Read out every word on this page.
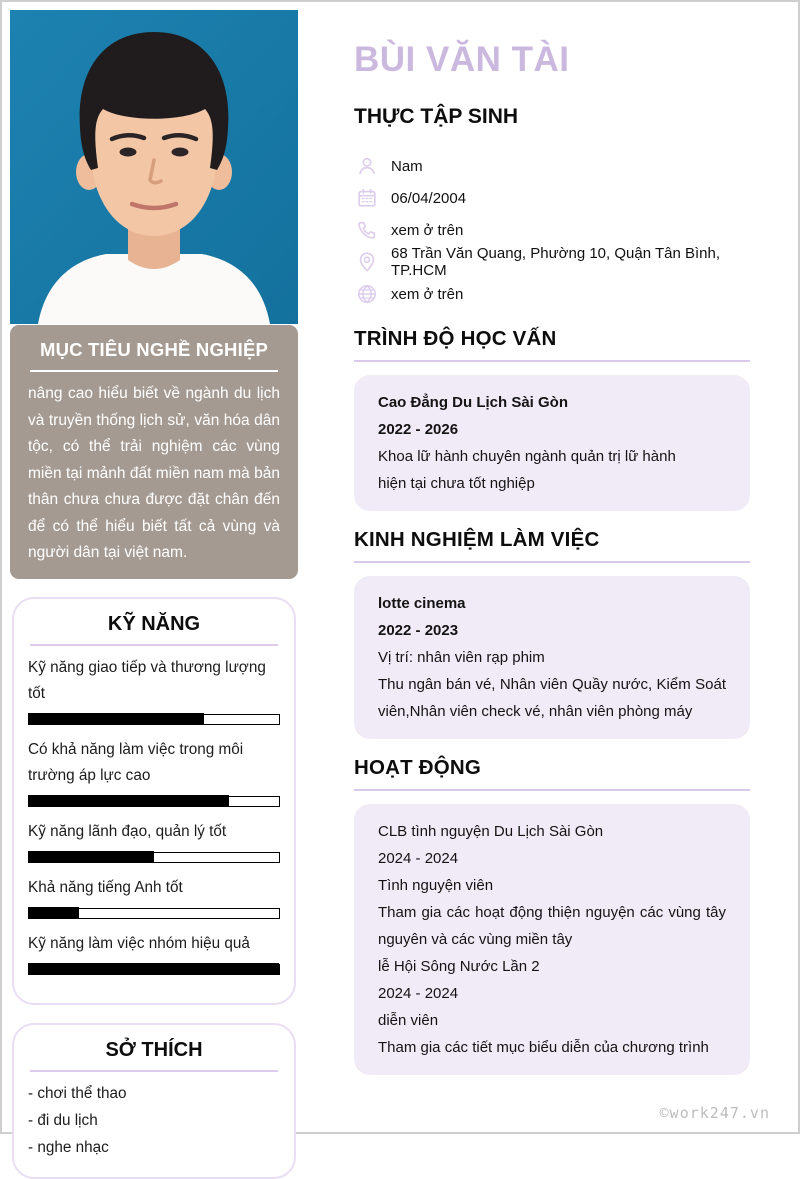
MỤC TIÊU NGHỀ NGHIỆP
nâng cao hiểu biết về ngành du lịch và truyền thống lịch sử, văn hóa dân tộc, có thể trải nghiệm các vùng miền tại mảnh đất miền nam mà bản thân chưa chưa được đặt chân đến để có thể hiểu biết tất cả vùng và người dân tại việt nam.
KỸ NĂNG
Kỹ năng giao tiếp và thương lượng tốt
Có khả năng làm việc trong môi trường áp lực cao
Kỹ năng lãnh đạo, quản lý tốt
Khả năng tiếng Anh tốt
Kỹ năng làm việc nhóm hiệu quả
SỞ THÍCH
- chơi thể thao
- đi du lịch
- nghe nhạc
BÙI VĂN TÀI
THỰC TẬP SINH
Nam
06/04/2004
xem ở trên
68 Trần Văn Quang, Phường 10, Quận Tân Bình, TP.HCM
xem ở trên
TRÌNH ĐỘ HỌC VẤN
Cao Đẳng Du Lịch Sài Gòn
2022 - 2026
Khoa lữ hành chuyên ngành quản trị lữ hành
hiện tại chưa tốt nghiệp
KINH NGHIỆM LÀM VIỆC
lotte cinema
2022 - 2023
Vị trí: nhân viên rạp phim
Thu ngân bán vé, Nhân viên Quầy nước, Kiểm Soát viên,Nhân viên check vé, nhân viên phòng máy
HOẠT ĐỘNG
CLB tình nguyện Du Lịch Sài Gòn
2024 - 2024
Tình nguyện viên
Tham gia các hoạt động thiện nguyện các vùng tây nguyên và các vùng miền tây
lễ Hội Sông Nước Lần 2
2024 - 2024
diễn viên
Tham gia các tiết mục biểu diễn của chương trình
©work247.vn
